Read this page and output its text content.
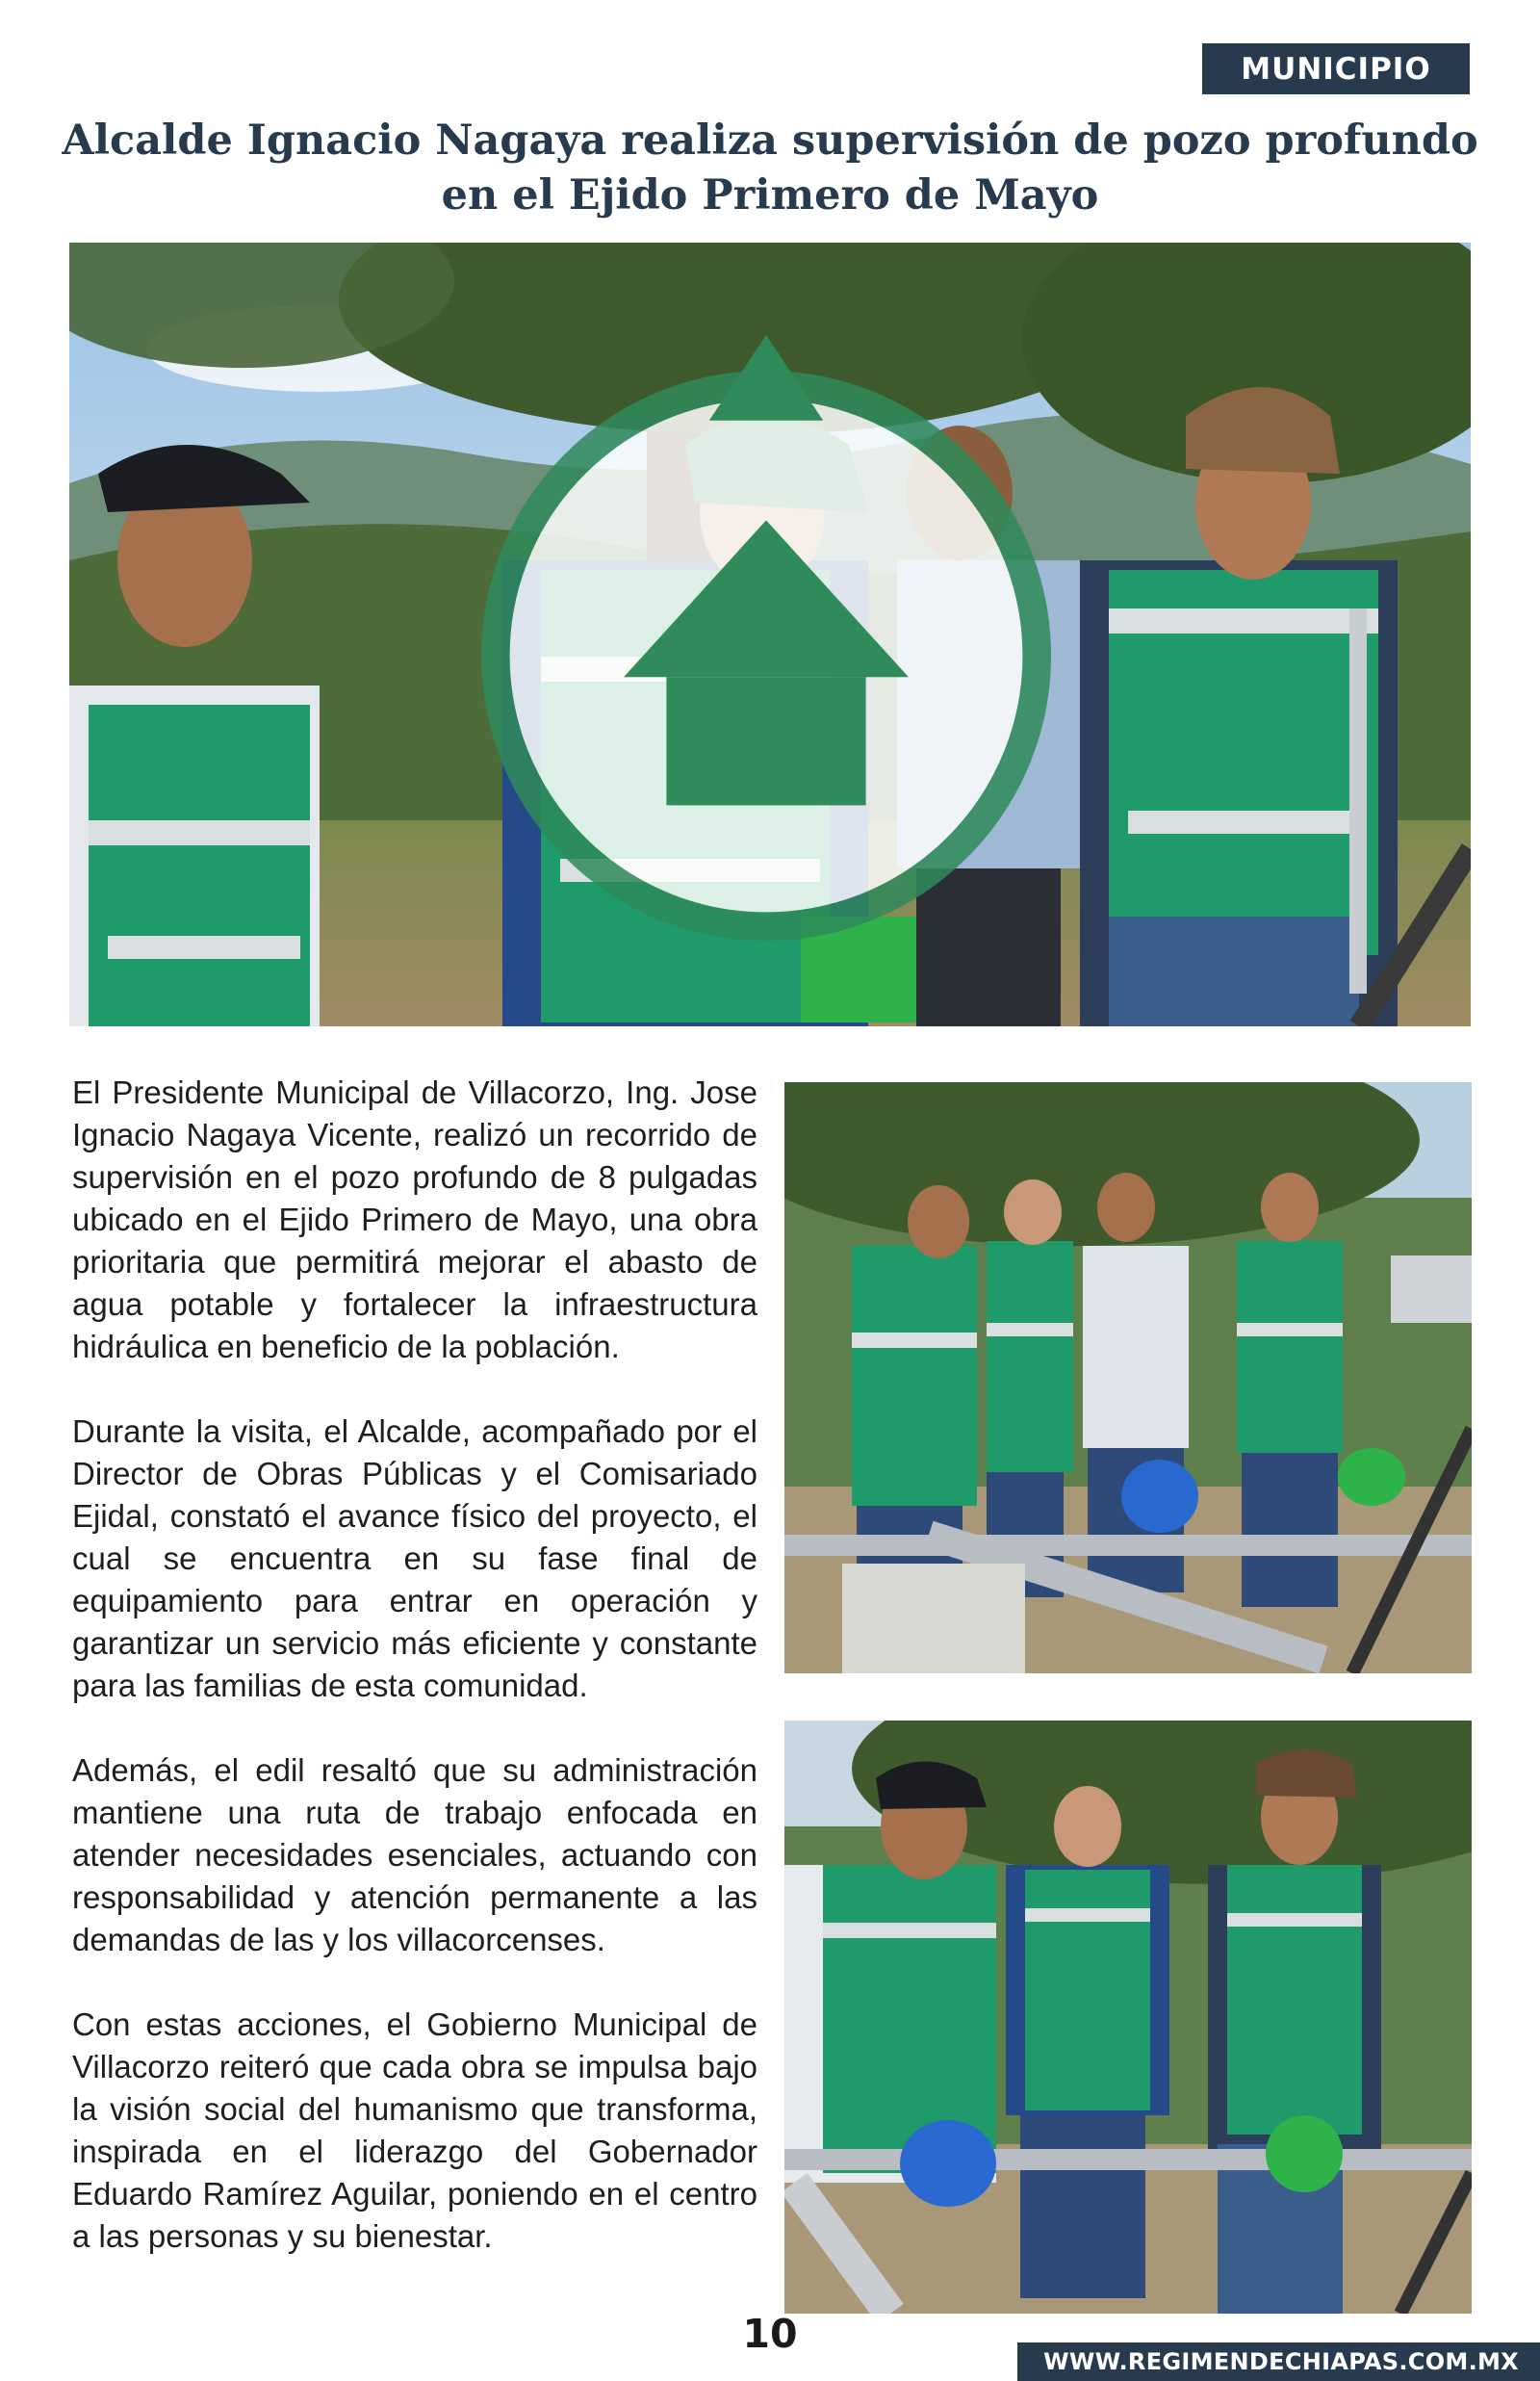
MUNICIPIO
Alcalde Ignacio Nagaya realiza supervisión de pozo profundo
en el Ejido Primero de Mayo

El Presidente Municipal de Villacorzo, Ing. Jose Ignacio Nagaya Vicente, realizó un recorrido de supervisión en el pozo profundo de 8 pulgadas ubicado en el Ejido Primero de Mayo, una obra prioritaria que permitirá mejorar el abasto de agua potable y fortalecer la infraestructura hidráulica en beneficio de la población.

Durante la visita, el Alcalde, acompañado por el Director de Obras Públicas y el Comisariado Ejidal, constató el avance físico del proyecto, el cual se encuentra en su fase final de equipamiento para entrar en operación y garantizar un servicio más eficiente y constante para las familias de esta comunidad.

Además, el edil resaltó que su administración mantiene una ruta de trabajo enfocada en atender necesidades esenciales, actuando con responsabilidad y atención permanente a las demandas de las y los villacorcenses.

Con estas acciones, el Gobierno Municipal de Villacorzo reiteró que cada obra se impulsa bajo la visión social del humanismo que transforma, inspirada en el liderazgo del Gobernador Eduardo Ramírez Aguilar, poniendo en el centro a las personas y su bienestar.

10
WWW.REGIMENDECHIAPAS.COM.MX
